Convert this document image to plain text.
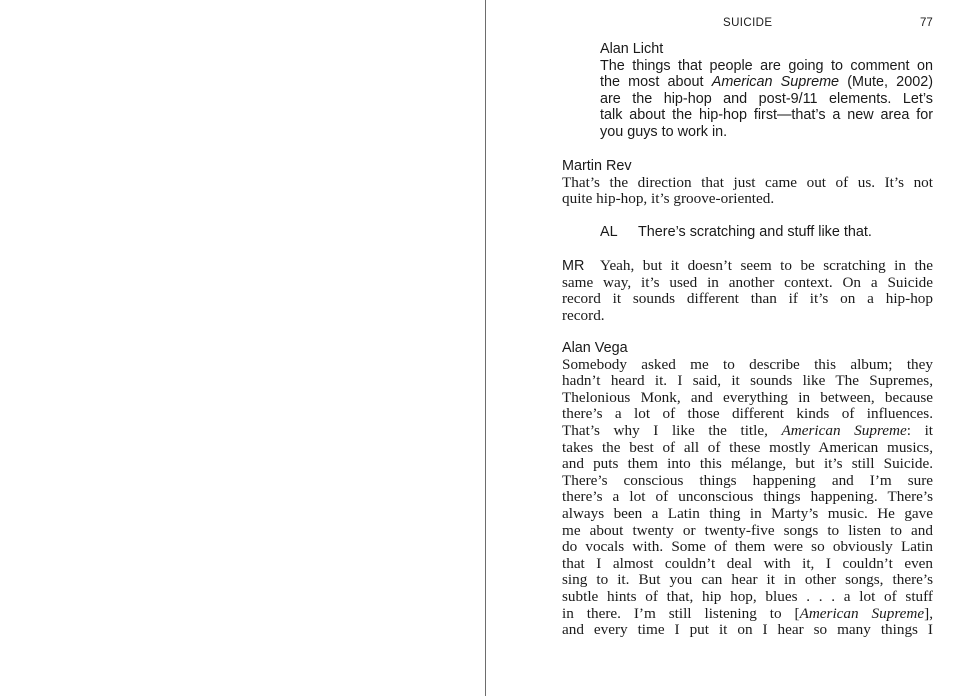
SUICIDE	77
Alan Licht
The things that people are going to comment on
the most about American Supreme (Mute, 2002)
are the hip-hop and post-9/11 elements. Let’s
talk about the hip-hop first—that’s a new area for
you guys to work in.
Martin Rev
That’s the direction that just came out of us. It’s not
quite hip-hop, it’s groove-oriented.
AL There’s scratching and stuff like that.
MR Yeah, but it doesn’t seem to be scratching in the
same way, it’s used in another context. On a Suicide
record it sounds different than if it’s on a hip-hop
record.
Alan Vega
Somebody asked me to describe this album; they
hadn’t heard it. I said, it sounds like The Supremes,
Thelonious Monk, and everything in between, because
there’s a lot of those different kinds of influences.
That’s why I like the title, American Supreme: it
takes the best of all of these mostly American musics,
and puts them into this mélange, but it’s still Suicide.
There’s conscious things happening and I’m sure
there’s a lot of unconscious things happening. There’s
always been a Latin thing in Marty’s music. He gave
me about twenty or twenty-five songs to listen to and
do vocals with. Some of them were so obviously Latin
that I almost couldn’t deal with it, I couldn’t even
sing to it. But you can hear it in other songs, there’s
subtle hints of that, hip hop, blues . . . a lot of stuff
in there. I’m still listening to [American Supreme],
and every time I put it on I hear so many things I
